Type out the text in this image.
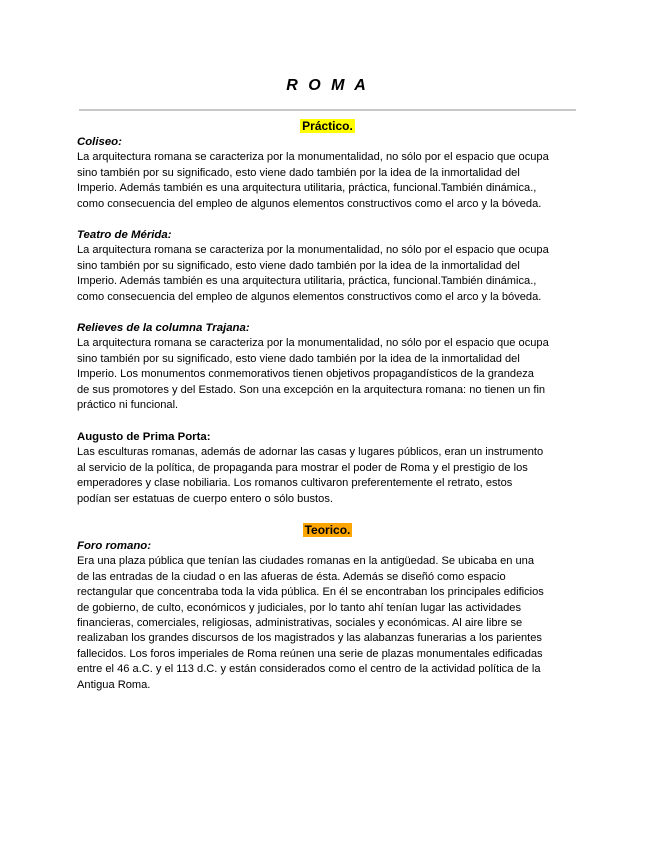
R O M A
Práctico.
Coliseo:
La arquitectura romana se caracteriza por la monumentalidad, no sólo por el espacio que ocupa
sino también por su significado, esto viene dado también por la idea de la inmortalidad del
Imperio. Además también es una arquitectura utilitaria, práctica, funcional.También dinámica.,
como consecuencia del empleo de algunos elementos constructivos como el arco y la bóveda.
Teatro de Mérida:
La arquitectura romana se caracteriza por la monumentalidad, no sólo por el espacio que ocupa
sino también por su significado, esto viene dado también por la idea de la inmortalidad del
Imperio. Además también es una arquitectura utilitaria, práctica, funcional.También dinámica.,
como consecuencia del empleo de algunos elementos constructivos como el arco y la bóveda.
Relieves de la columna Trajana:
La arquitectura romana se caracteriza por la monumentalidad, no sólo por el espacio que ocupa
sino también por su significado, esto viene dado también por la idea de la inmortalidad del
Imperio. Los monumentos conmemorativos tienen objetivos propagandísticos de la grandeza
de sus promotores y del Estado. Son una excepción en la arquitectura romana: no tienen un fin
práctico ni funcional.
Augusto de Prima Porta:
Las esculturas romanas, además de adornar las casas y lugares públicos, eran un instrumento
al servicio de la política, de propaganda para mostrar el poder de Roma y el prestigio de los
emperadores y clase nobiliaria. Los romanos cultivaron preferentemente el retrato, estos
podían ser estatuas de cuerpo entero o sólo bustos.
Teorico.
Foro romano:
Era una plaza pública que tenían las ciudades romanas en la antigüedad. Se ubicaba en una
de las entradas de la ciudad o en las afueras de ésta. Además se diseñó como espacio
rectangular que concentraba toda la vida pública. En él se encontraban los principales edificios
de gobierno, de culto, económicos y judiciales, por lo tanto ahí tenían lugar las actividades
financieras, comerciales, religiosas, administrativas, sociales y económicas. Al aire libre se
realizaban los grandes discursos de los magistrados y las alabanzas funerarias a los parientes
fallecidos. Los foros imperiales de Roma reúnen una serie de plazas monumentales edificadas
entre el 46 a.C. y el 113 d.C. y están considerados como el centro de la actividad política de la
Antigua Roma.
